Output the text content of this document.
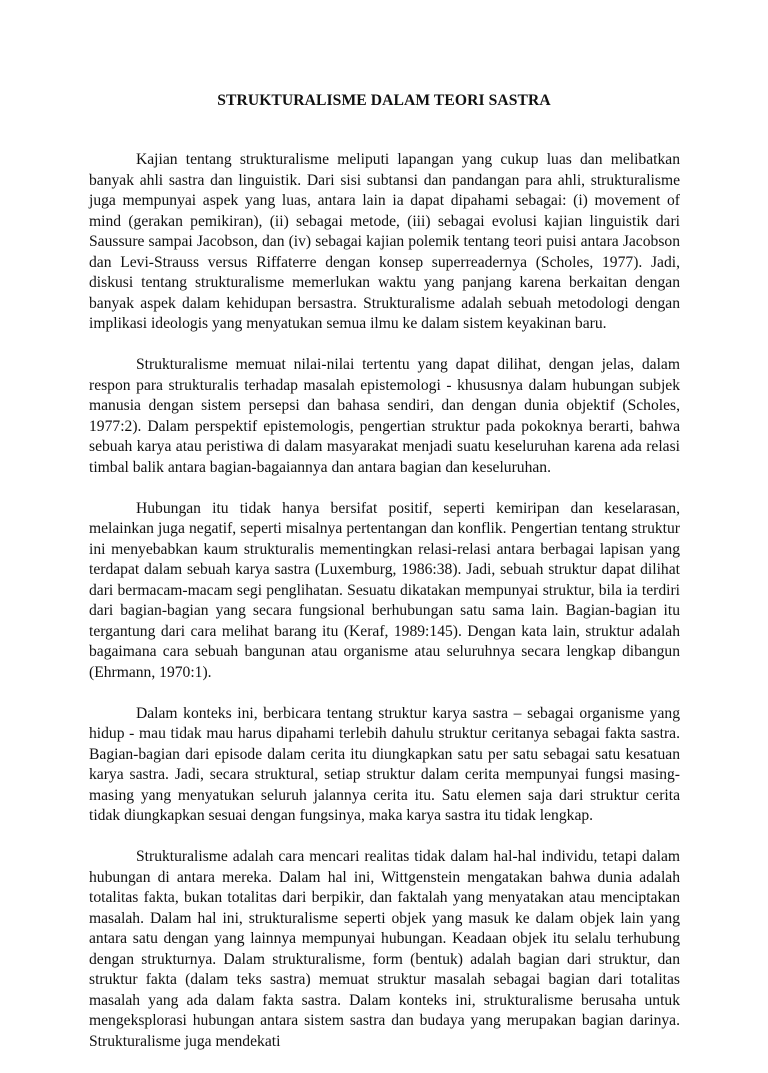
STRUKTURALISME DALAM TEORI SASTRA

Kajian tentang strukturalisme meliputi lapangan yang cukup luas dan melibatkan banyak ahli sastra dan linguistik. Dari sisi subtansi dan pandangan para ahli, strukturalisme juga mempunyai aspek yang luas, antara lain ia dapat dipahami sebagai: (i) movement of mind (gerakan pemikiran), (ii) sebagai metode, (iii) sebagai evolusi kajian linguistik dari Saussure sampai Jacobson, dan (iv) sebagai kajian polemik tentang teori puisi antara Jacobson dan Levi-Strauss versus Riffaterre dengan konsep superreadernya (Scholes, 1977). Jadi, diskusi tentang strukturalisme memerlukan waktu yang panjang karena berkaitan dengan banyak aspek dalam kehidupan bersastra. Strukturalisme adalah sebuah metodologi dengan implikasi ideologis yang menyatukan semua ilmu ke dalam sistem keyakinan baru.

Strukturalisme memuat nilai-nilai tertentu yang dapat dilihat, dengan jelas, dalam respon para strukturalis terhadap masalah epistemologi - khususnya dalam hubungan subjek manusia dengan sistem persepsi dan bahasa sendiri, dan dengan dunia objektif (Scholes, 1977:2). Dalam perspektif epistemologis, pengertian struktur pada pokoknya berarti, bahwa sebuah karya atau peristiwa di dalam masyarakat menjadi suatu keseluruhan karena ada relasi timbal balik antara bagian-bagaiannya dan antara bagian dan keseluruhan.

Hubungan itu tidak hanya bersifat positif, seperti kemiripan dan keselarasan, melainkan juga negatif, seperti misalnya pertentangan dan konflik. Pengertian tentang struktur ini menyebabkan kaum strukturalis mementingkan relasi-relasi antara berbagai lapisan yang terdapat dalam sebuah karya sastra (Luxemburg, 1986:38). Jadi, sebuah struktur dapat dilihat dari bermacam-macam segi penglihatan. Sesuatu dikatakan mempunyai struktur, bila ia terdiri dari bagian-bagian yang secara fungsional berhubungan satu sama lain. Bagian-bagian itu tergantung dari cara melihat barang itu (Keraf, 1989:145). Dengan kata lain, struktur adalah bagaimana cara sebuah bangunan atau organisme atau seluruhnya secara lengkap dibangun (Ehrmann, 1970:1).

Dalam konteks ini, berbicara tentang struktur karya sastra – sebagai organisme yang hidup - mau tidak mau harus dipahami terlebih dahulu struktur ceritanya sebagai fakta sastra. Bagian-bagian dari episode dalam cerita itu diungkapkan satu per satu sebagai satu kesatuan karya sastra. Jadi, secara struktural, setiap struktur dalam cerita mempunyai fungsi masing-masing yang menyatukan seluruh jalannya cerita itu. Satu elemen saja dari struktur cerita tidak diungkapkan sesuai dengan fungsinya, maka karya sastra itu tidak lengkap.

Strukturalisme adalah cara mencari realitas tidak dalam hal-hal individu, tetapi dalam hubungan di antara mereka. Dalam hal ini, Wittgenstein mengatakan bahwa dunia adalah totalitas fakta, bukan totalitas dari berpikir, dan faktalah yang menyatakan atau menciptakan masalah. Dalam hal ini, strukturalisme seperti objek yang masuk ke dalam objek lain yang antara satu dengan yang lainnya mempunyai hubungan. Keadaan objek itu selalu terhubung dengan strukturnya. Dalam strukturalisme, form (bentuk) adalah bagian dari struktur, dan struktur fakta (dalam teks sastra) memuat struktur masalah sebagai bagian dari totalitas masalah yang ada dalam fakta sastra. Dalam konteks ini, strukturalisme berusaha untuk mengeksplorasi hubungan antara sistem sastra dan budaya yang merupakan bagian darinya. Strukturalisme juga mendekati
